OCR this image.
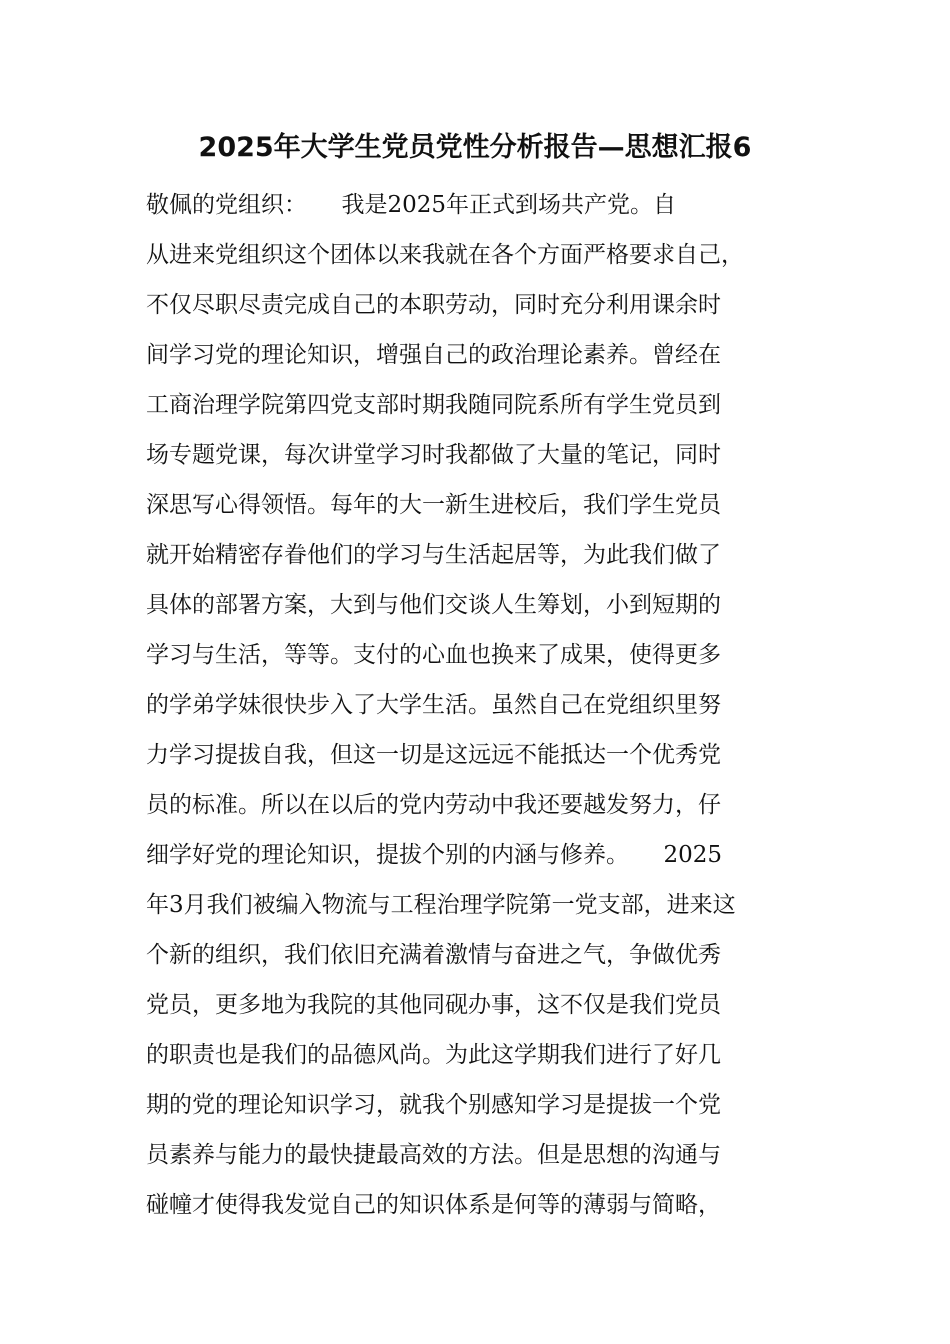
2025年大学生党员党性分析报告—思想汇报6
敬佩的党组织：　　我是2025年正式到场共产党。自
从进来党组织这个团体以来我就在各个方面严格要求自己，
不仅尽职尽责完成自己的本职劳动，同时充分利用课余时
间学习党的理论知识，增强自己的政治理论素养。曾经在
工商治理学院第四党支部时期我随同院系所有学生党员到
场专题党课，每次讲堂学习时我都做了大量的笔记，同时
深思写心得领悟。每年的大一新生进校后，我们学生党员
就开始精密存眷他们的学习与生活起居等，为此我们做了
具体的部署方案，大到与他们交谈人生筹划，小到短期的
学习与生活，等等。支付的心血也换来了成果，使得更多
的学弟学妹很快步入了大学生活。虽然自己在党组织里努
力学习提拔自我，但这一切是这远远不能抵达一个优秀党
员的标准。所以在以后的党内劳动中我还要越发努力，仔
细学好党的理论知识，提拔个别的内涵与修养。　　2025
年3月我们被编入物流与工程治理学院第一党支部，进来这
个新的组织，我们依旧充满着激情与奋进之气，争做优秀
党员，更多地为我院的其他同砚办事，这不仅是我们党员
的职责也是我们的品德风尚。为此这学期我们进行了好几
期的党的理论知识学习，就我个别感知学习是提拔一个党
员素养与能力的最快捷最高效的方法。但是思想的沟通与
碰幢才使得我发觉自己的知识体系是何等的薄弱与简略，
